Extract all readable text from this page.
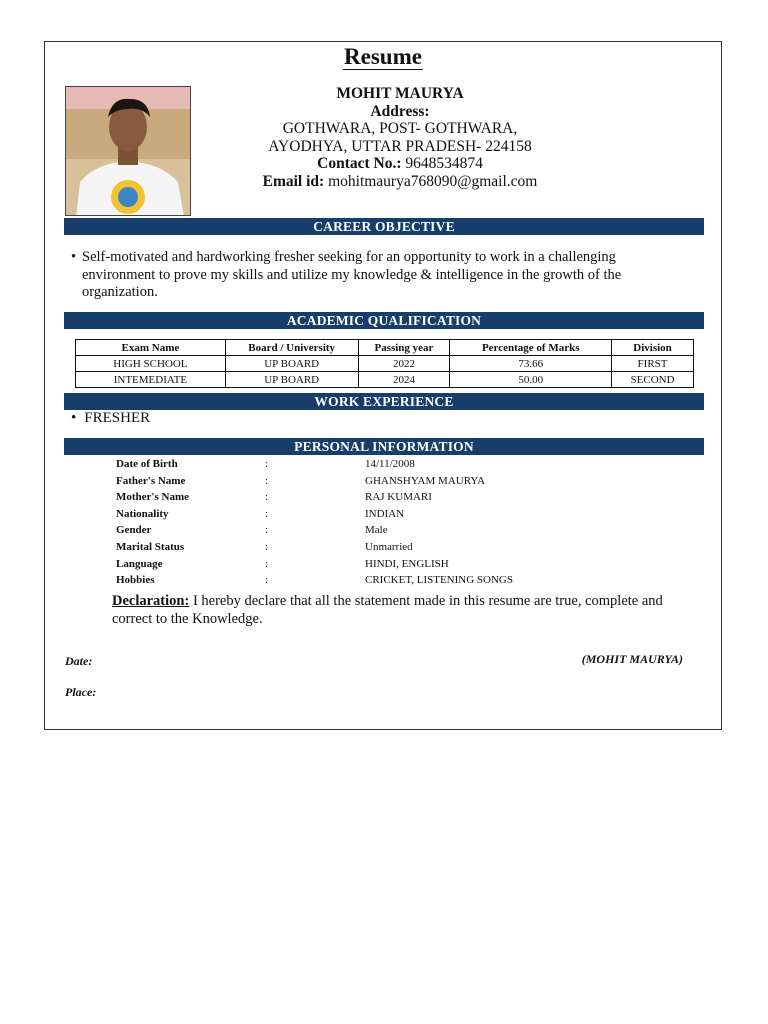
Resume
MOHIT MAURYA
Address:
GOTHWARA, POST- GOTHWARA,
AYODHYA, UTTAR PRADESH- 224158
Contact No.: 9648534874
Email id: mohitmaurya768090@gmail.com
CAREER OBJECTIVE
• Self-motivated and hardworking fresher seeking for an opportunity to work in a challenging environment to prove my skills and utilize my knowledge & intelligence in the growth of the organization.
ACADEMIC QUALIFICATION
Exam Name	Board / University	Passing year	Percentage of Marks	Division
HIGH SCHOOL	UP BOARD	2022	73.66	FIRST
INTEMEDIATE	UP BOARD	2024	50.00	SECOND
WORK EXPERIENCE
• FRESHER
PERSONAL INFORMATION
Date of Birth	:	14/11/2008
Father's Name	:	GHANSHYAM MAURYA
Mother's Name	:	RAJ KUMARI
Nationality	:	INDIAN
Gender	:	Male
Marital Status	:	Unmarried
Language	:	HINDI, ENGLISH
Hobbies	:	CRICKET, LISTENING SONGS
Declaration: I hereby declare that all the statement made in this resume are true, complete and correct to the Knowledge.
Date:
Place:
(MOHIT MAURYA)
